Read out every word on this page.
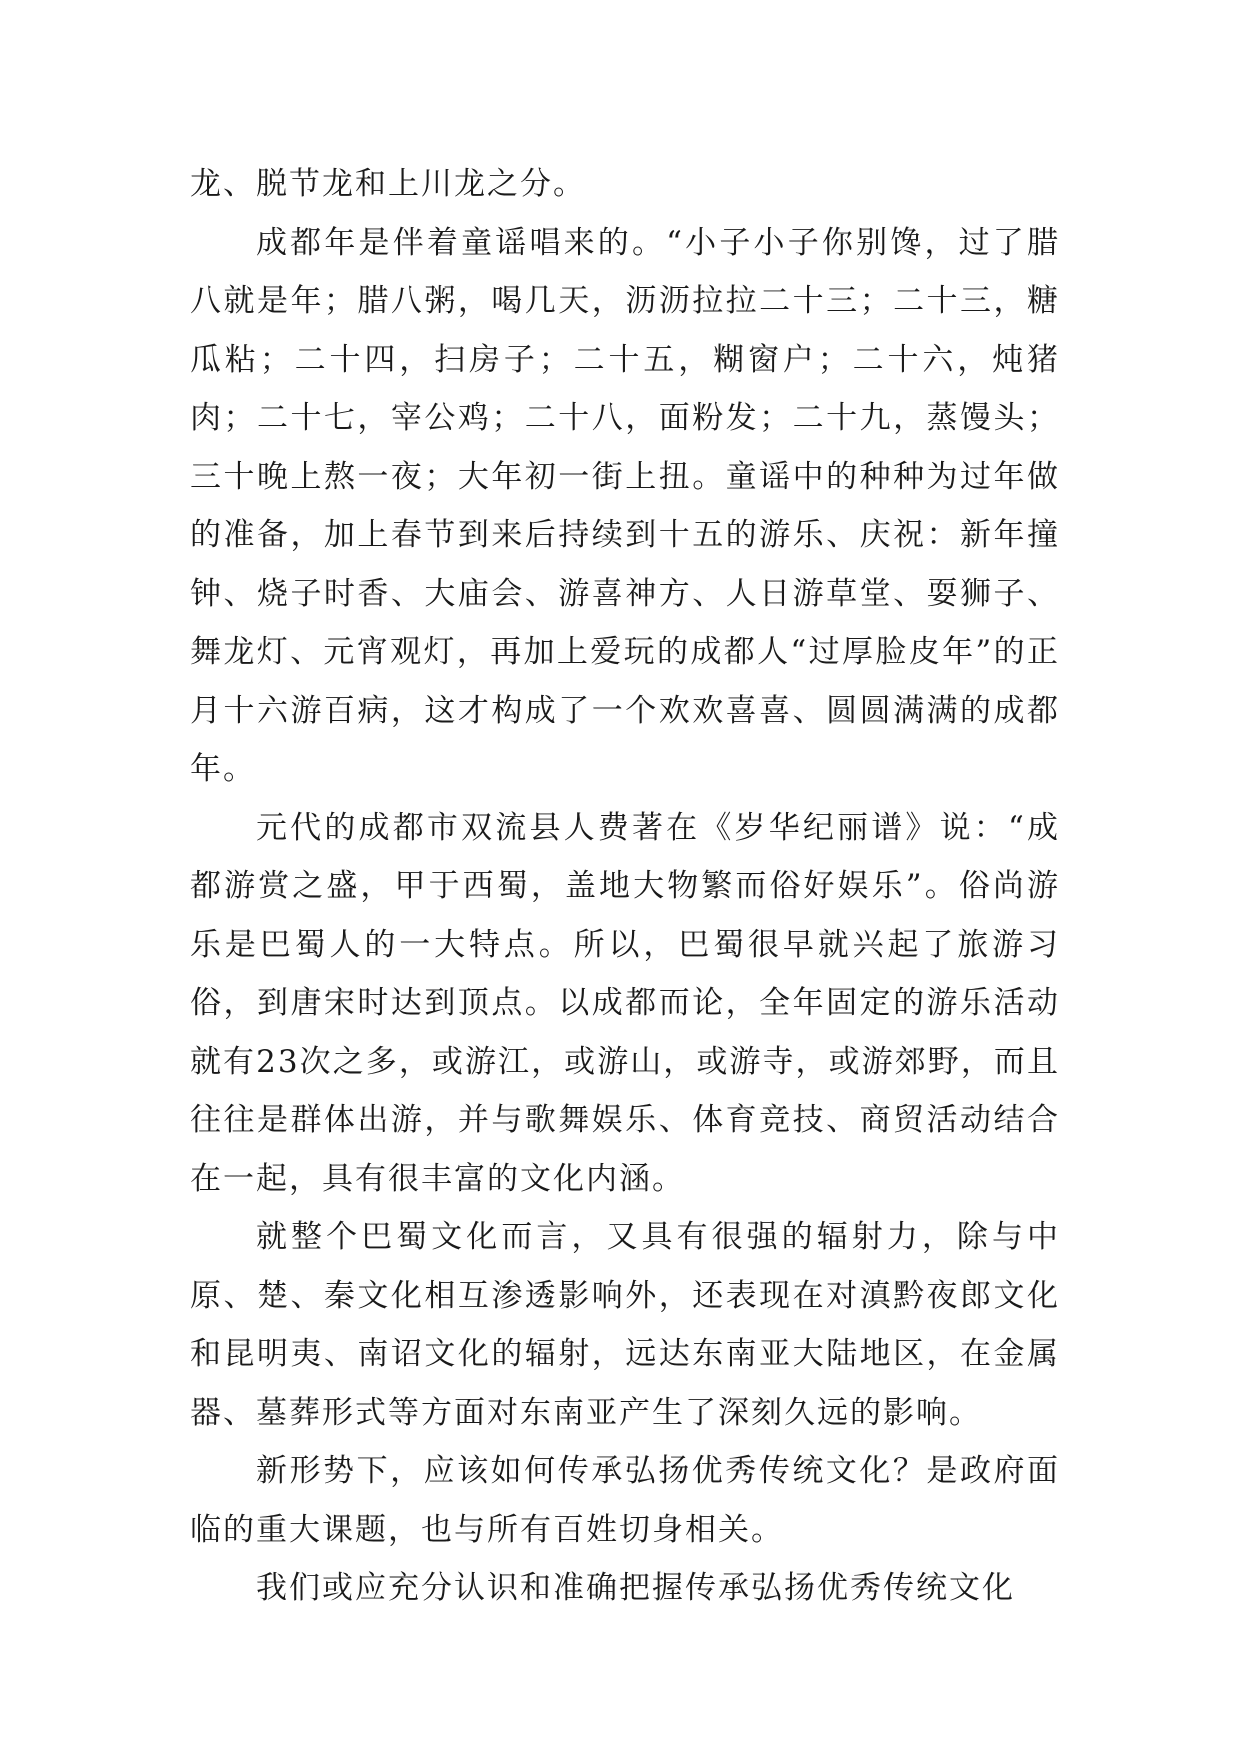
龙、脱节龙和上川龙之分。

成都年是伴着童谣唱来的。“小子小子你别馋，过了腊八就是年；腊八粥，喝几天，沥沥拉拉二十三；二十三，糖瓜粘；二十四，扫房子；二十五，糊窗户；二十六，炖猪肉；二十七，宰公鸡；二十八，面粉发；二十九，蒸馒头；三十晚上熬一夜；大年初一街上扭。童谣中的种种为过年做的准备，加上春节到来后持续到十五的游乐、庆祝：新年撞钟、烧子时香、大庙会、游喜神方、人日游草堂、耍狮子、舞龙灯、元宵观灯，再加上爱玩的成都人“过厚脸皮年”的正月十六游百病，这才构成了一个欢欢喜喜、圆圆满满的成都年。

元代的成都市双流县人费著在《岁华纪丽谱》说：“成都游赏之盛，甲于西蜀，盖地大物繁而俗好娱乐”。俗尚游乐是巴蜀人的一大特点。所以，巴蜀很早就兴起了旅游习俗，到唐宋时达到顶点。以成都而论，全年固定的游乐活动就有23次之多，或游江，或游山，或游寺，或游郊野，而且往往是群体出游，并与歌舞娱乐、体育竞技、商贸活动结合在一起，具有很丰富的文化内涵。

就整个巴蜀文化而言，又具有很强的辐射力，除与中原、楚、秦文化相互渗透影响外，还表现在对滇黔夜郎文化和昆明夷、南诏文化的辐射，远达东南亚大陆地区，在金属器、墓葬形式等方面对东南亚产生了深刻久远的影响。

新形势下，应该如何传承弘扬优秀传统文化？是政府面临的重大课题，也与所有百姓切身相关。

我们或应充分认识和准确把握传承弘扬优秀传统文化
